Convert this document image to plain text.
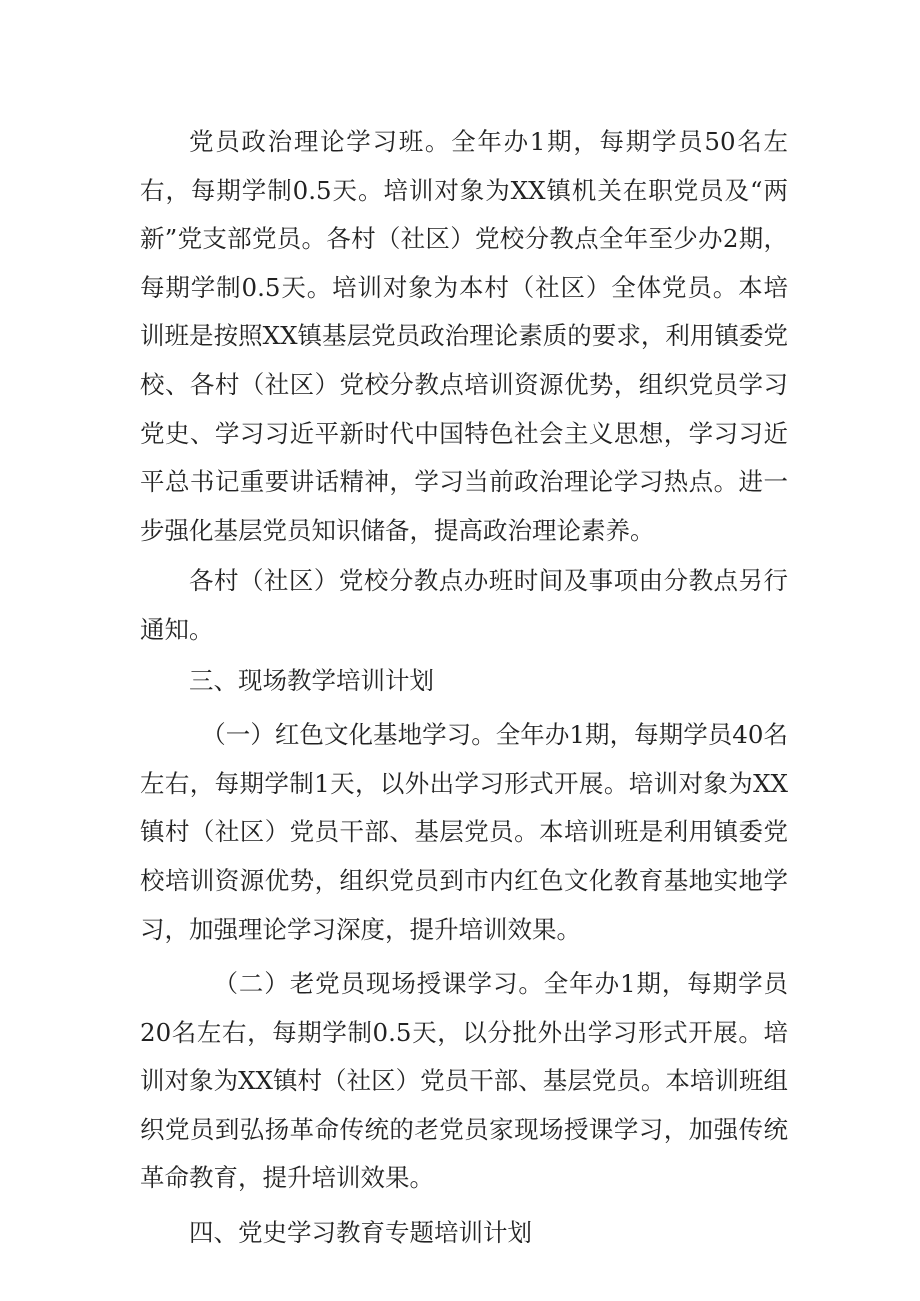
党员政治理论学习班。全年办1期，每期学员50名左右，每期学制0.5天。培训对象为XX镇机关在职党员及“两新”党支部党员。各村（社区）党校分教点全年至少办2期，每期学制0.5天。培训对象为本村（社区）全体党员。本培训班是按照XX镇基层党员政治理论素质的要求，利用镇委党校、各村（社区）党校分教点培训资源优势，组织党员学习党史、学习习近平新时代中国特色社会主义思想，学习习近平总书记重要讲话精神，学习当前政治理论学习热点。进一步强化基层党员知识储备，提高政治理论素养。

各村（社区）党校分教点办班时间及事项由分教点另行通知。

三、现场教学培训计划

（一）红色文化基地学习。全年办1期，每期学员40名左右，每期学制1天，以外出学习形式开展。培训对象为XX镇村（社区）党员干部、基层党员。本培训班是利用镇委党校培训资源优势，组织党员到市内红色文化教育基地实地学习，加强理论学习深度，提升培训效果。

（二）老党员现场授课学习。全年办1期，每期学员20名左右，每期学制0.5天，以分批外出学习形式开展。培训对象为XX镇村（社区）党员干部、基层党员。本培训班组织党员到弘扬革命传统的老党员家现场授课学习，加强传统革命教育，提升培训效果。

四、党史学习教育专题培训计划
